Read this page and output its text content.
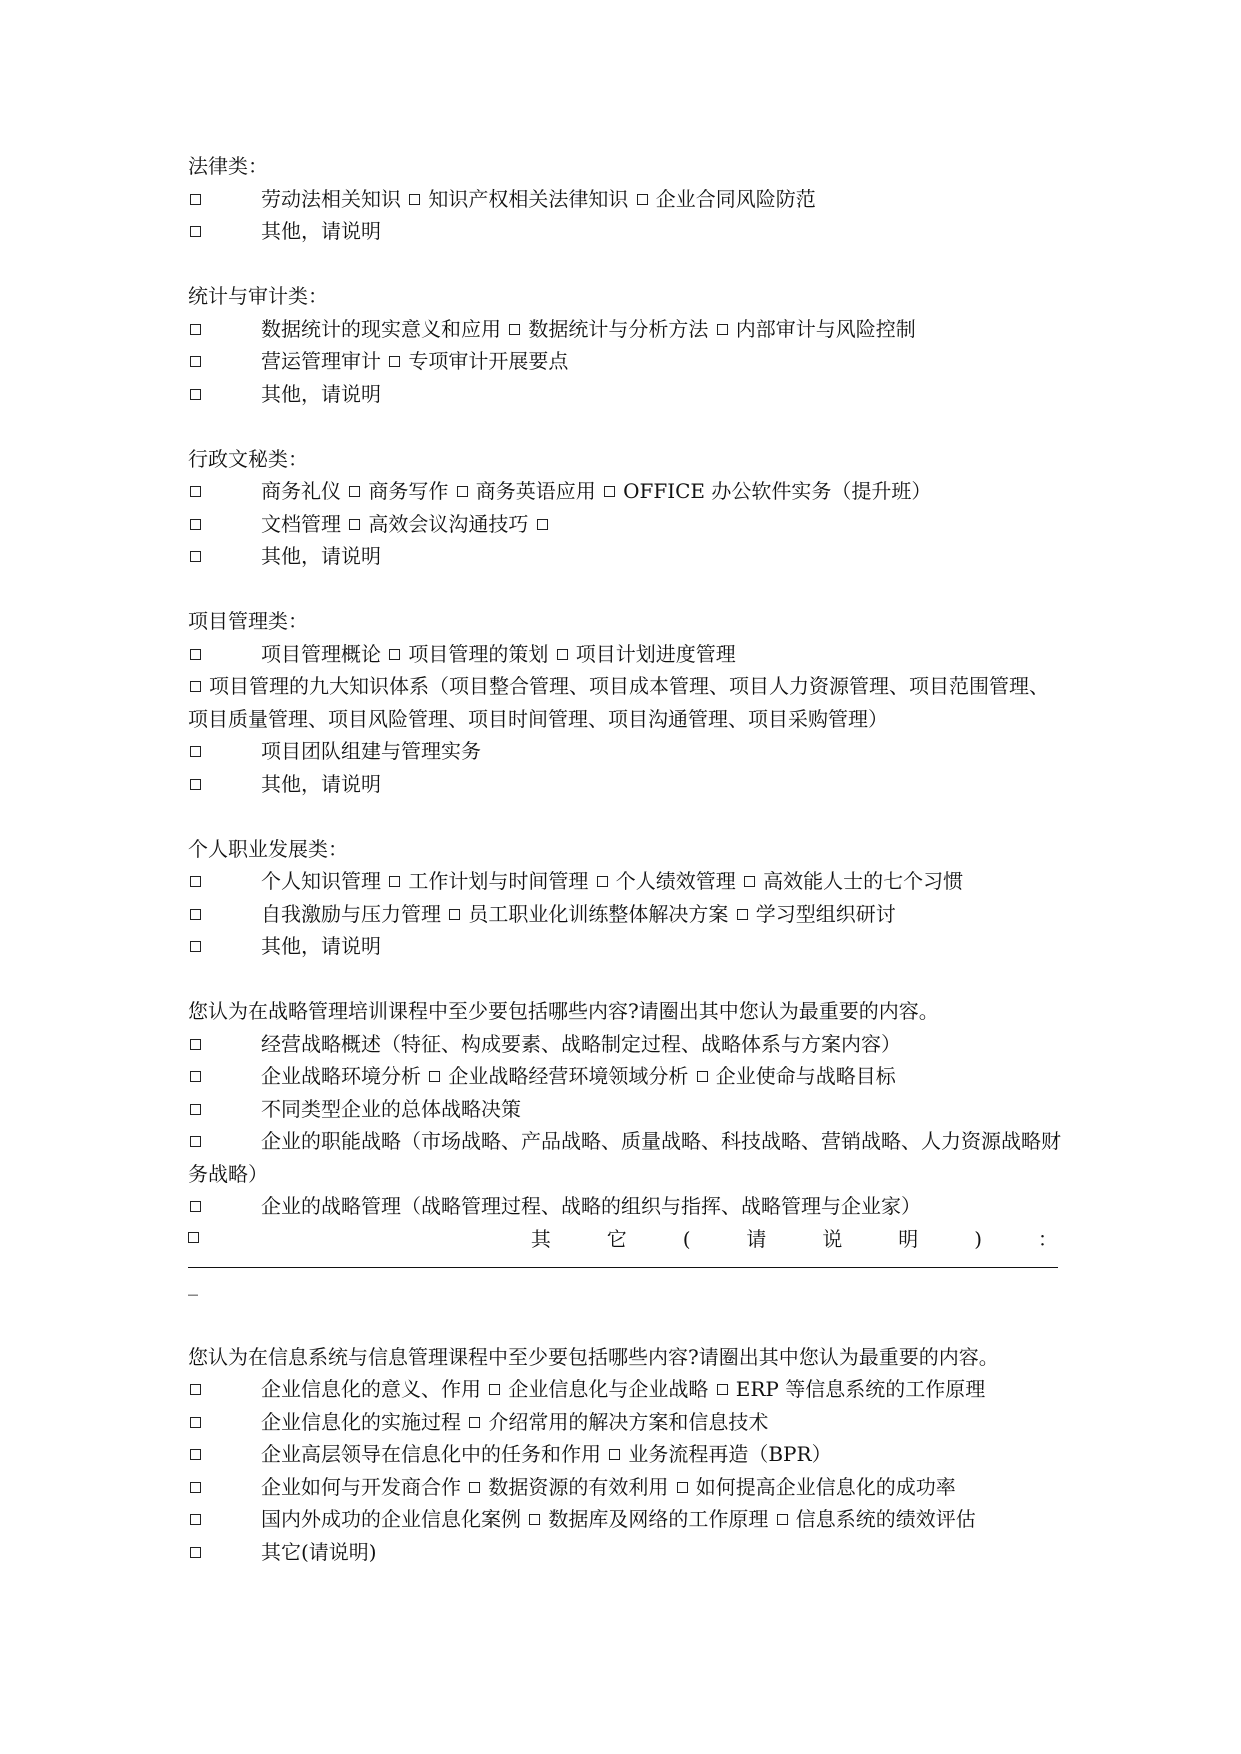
法律类：
劳动法相关知识 知识产权相关法律知识 企业合同风险防范
其他，请说明
统计与审计类：
数据统计的现实意义和应用 数据统计与分析方法 内部审计与风险控制
营运管理审计 专项审计开展要点
其他，请说明
行政文秘类：
商务礼仪 商务写作 商务英语应用 OFFICE 办公软件实务（提升班）
文档管理 高效会议沟通技巧
其他，请说明
项目管理类：
项目管理概论 项目管理的策划 项目计划进度管理
项目管理的九大知识体系（项目整合管理、项目成本管理、项目人力资源管理、项目范围管理、项目质量管理、项目风险管理、项目时间管理、项目沟通管理、项目采购管理）
项目团队组建与管理实务
其他，请说明
个人职业发展类：
个人知识管理 工作计划与时间管理 个人绩效管理 高效能人士的七个习惯
自我激励与压力管理 员工职业化训练整体解决方案 学习型组织研讨
其他，请说明
您认为在战略管理培训课程中至少要包括哪些内容?请圈出其中您认为最重要的内容。
经营战略概述（特征、构成要素、战略制定过程、战略体系与方案内容）
企业战略环境分析 企业战略经营环境领域分析 企业使命与战略目标
不同类型企业的总体战略决策
企业的职能战略（市场战略、产品战略、质量战略、科技战略、营销战略、人力资源战略财务战略）
企业的战略管理（战略管理过程、战略的组织与指挥、战略管理与企业家）
其	它	(	请	说	明	)	：
_
您认为在信息系统与信息管理课程中至少要包括哪些内容?请圈出其中您认为最重要的内容。
企业信息化的意义、作用 企业信息化与企业战略 ERP 等信息系统的工作原理
企业信息化的实施过程 介绍常用的解决方案和信息技术
企业高层领导在信息化中的任务和作用 业务流程再造（BPR）
企业如何与开发商合作 数据资源的有效利用 如何提高企业信息化的成功率
国内外成功的企业信息化案例 数据库及网络的工作原理 信息系统的绩效评估
其它(请说明)
